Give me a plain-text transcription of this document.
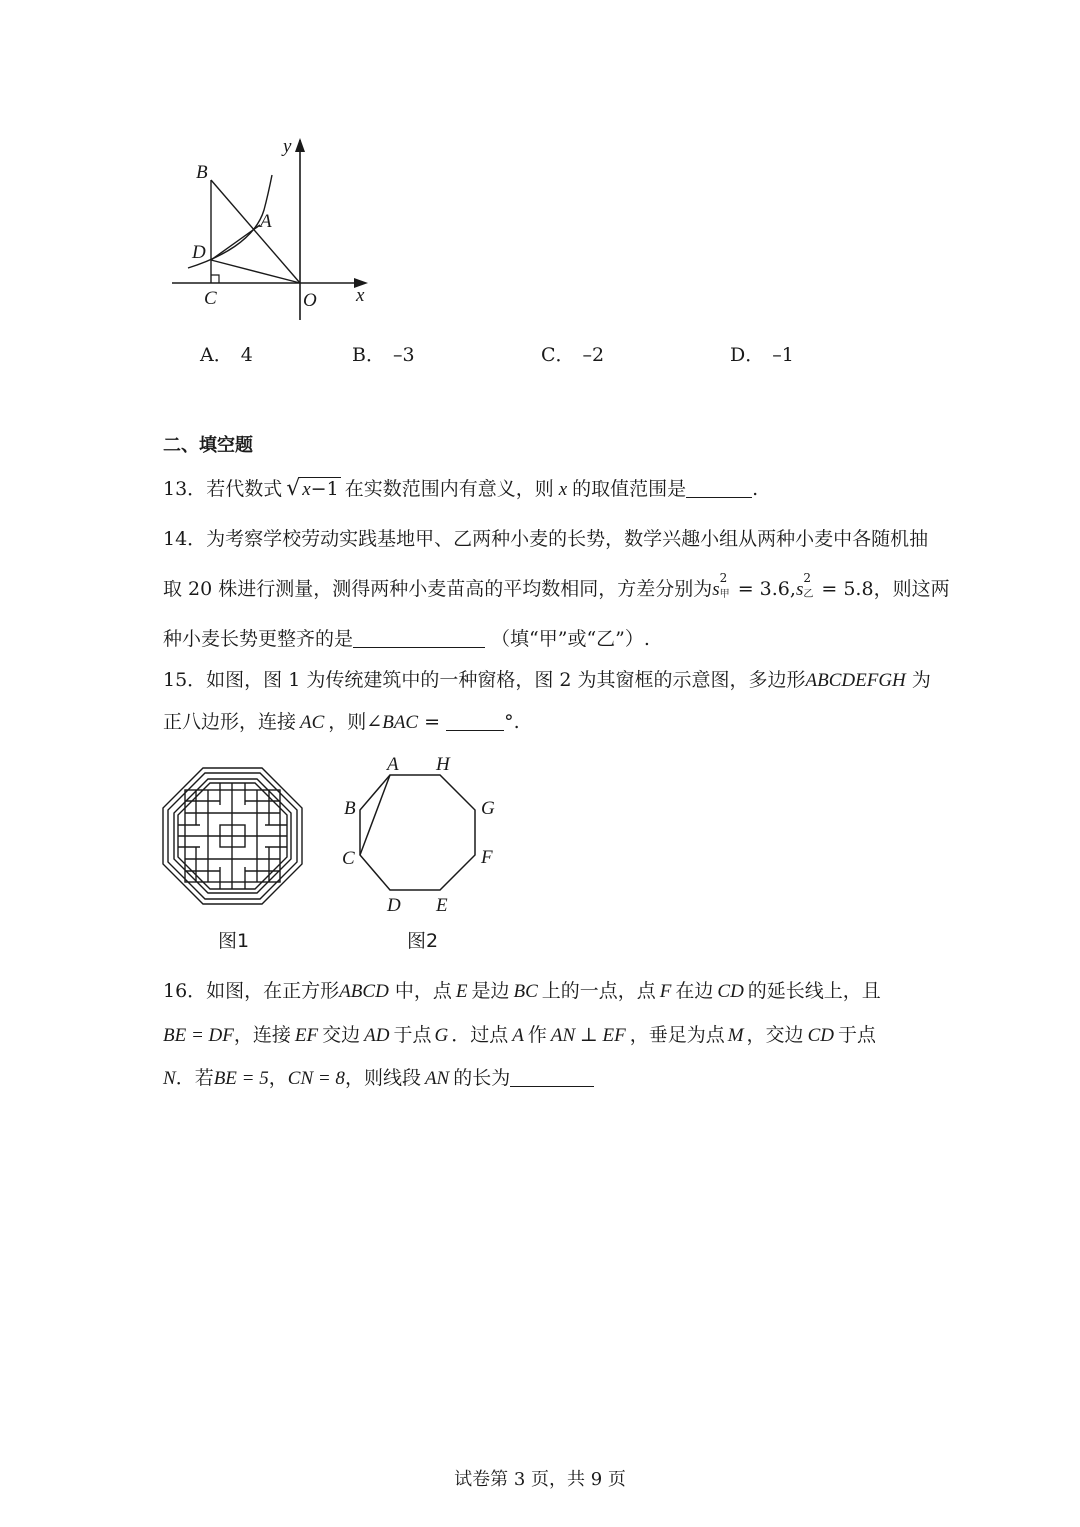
y
x
O
B
A
D
C
A． 4	B． –3	C． –2	D． –1
二、填空题
13．若代数式 √ x−1 在实数范围内有意义，则 x 的取值范围是	.
14．为考察学校劳动实践基地甲、乙两种小麦的长势，数学兴趣小组从两种小麦中各随机抽
取 20 株进行测量，测得两种小麦苗高的平均数相同，方差分别为s
2
甲 = 3.6,s
2
乙 = 5.8，则这两
种小麦长势更整齐的是	（填“甲”或“乙”）.
15．如图，图 1 为传统建筑中的一种窗格，图 2 为其窗框的示意图，多边形ABCDEFGH 为
正八边形，连接 AC ，则∠BAC =	°.
A H
B	G
C	F
D E
图1	图2
16．如图，在正方形ABCD 中，点 E 是边 BC 上的一点，点 F 在边 CD 的延长线上，且
BE = DF，连接 EF 交边 AD 于点 G ．过点 A 作 AN ⊥ EF ，垂足为点 M ，交边 CD 于点
N．若BE = 5，CN = 8，则线段 AN 的长为
试卷第 3 页，共 9 页
